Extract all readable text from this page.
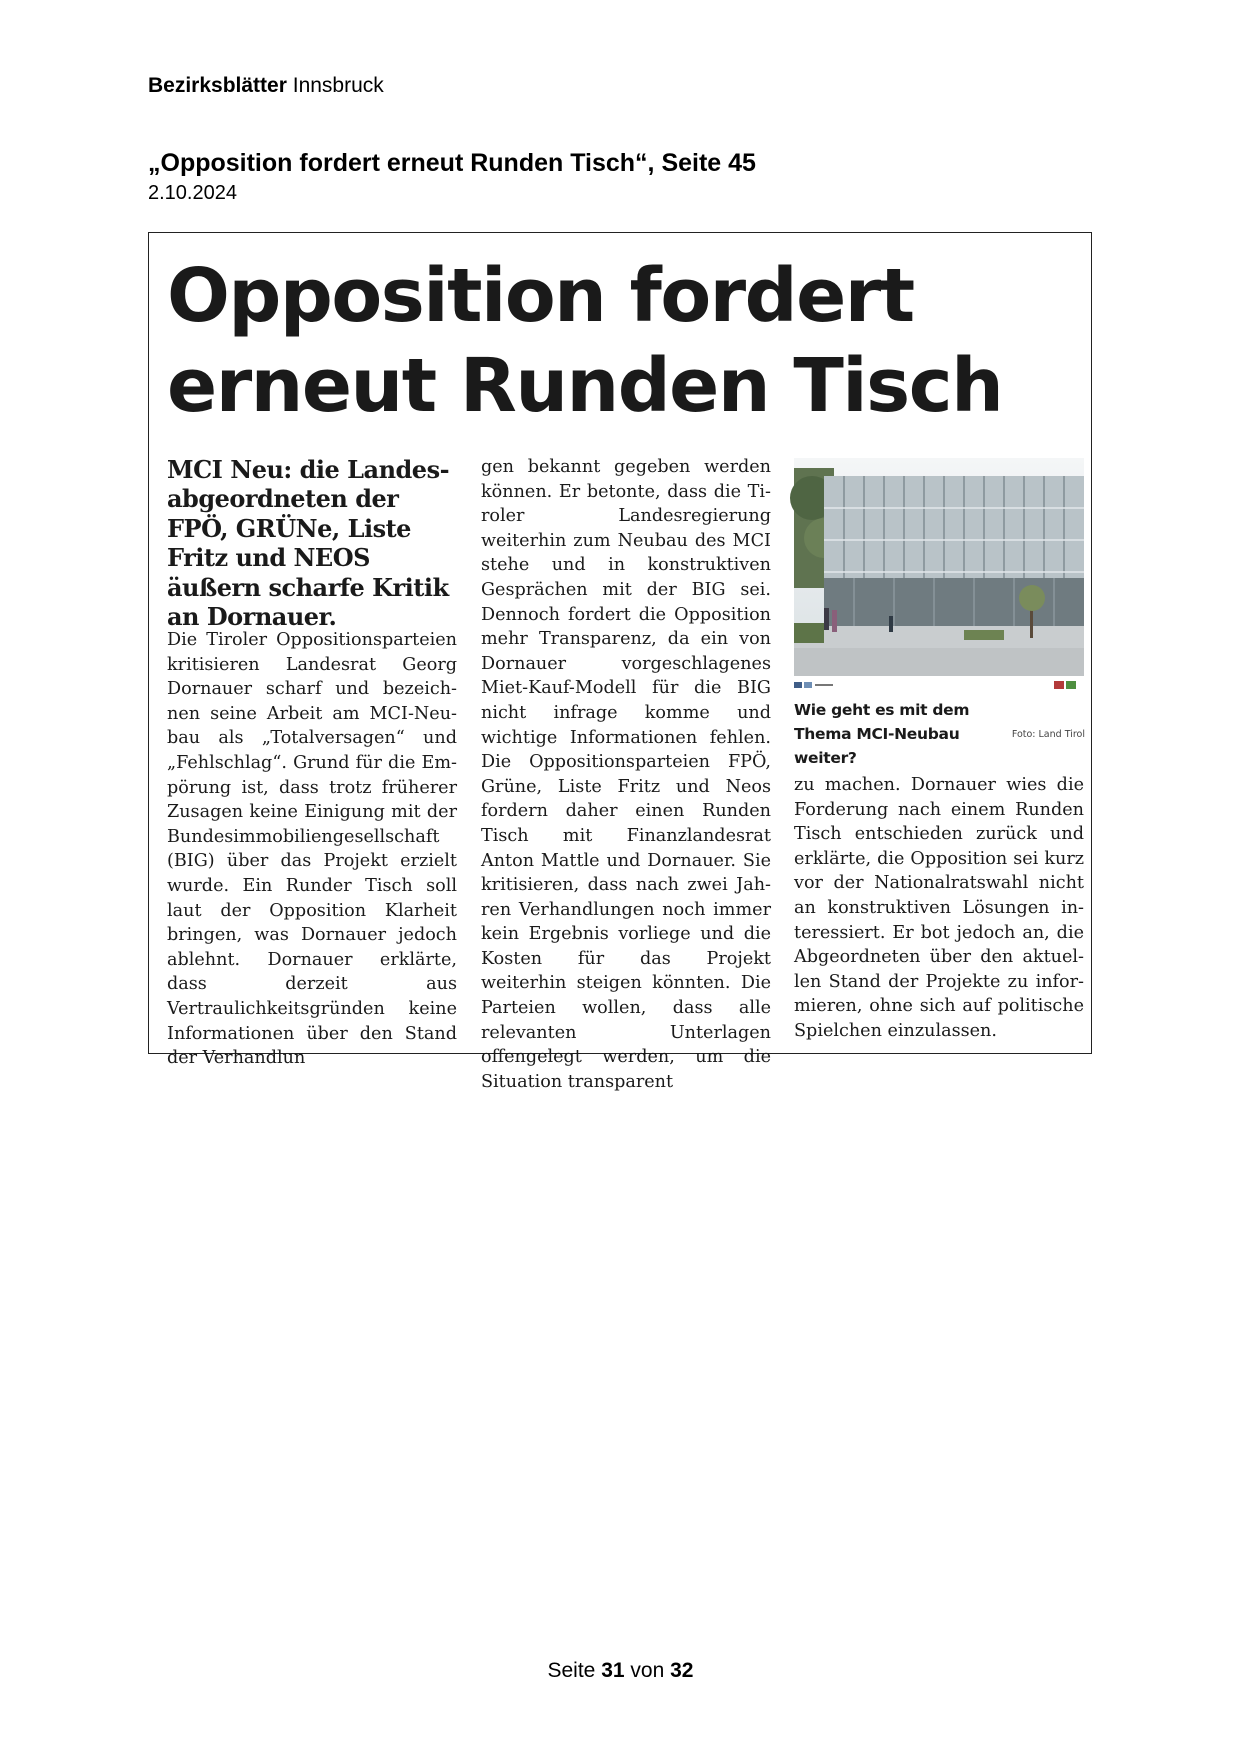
Bezirksblätter Innsbruck
„Opposition fordert erneut Runden Tisch“, Seite 45
2.10.2024
Opposition fordert erneut Runden Tisch
MCI Neu: die Landesabgeordneten der FPÖ, GRÜNe, Liste Fritz und NEOS äußern scharfe Kritik an Dornauer.
Die Tiroler Oppositionsparteien kritisieren Landesrat Georg Dornauer scharf und bezeichnen seine Arbeit am MCI-Neubau als „Totalversagen“ und „Fehlschlag“. Grund für die Empörung ist, dass trotz früherer Zusagen keine Einigung mit der Bundesimmobiliengesellschaft (BIG) über das Projekt erzielt wurde. Ein Runder Tisch soll laut der Opposition Klarheit bringen, was Dornauer jedoch ablehnt. Dornauer erklärte, dass derzeit aus Vertraulichkeitsgründen keine Informationen über den Stand der Verhandlun
gen bekannt gegeben werden können. Er betonte, dass die Tiroler Landesregierung weiterhin zum Neubau des MCI stehe und in konstruktiven Gesprächen mit der BIG sei. Dennoch fordert die Opposition mehr Transparenz, da ein von Dornauer vorgeschlagenes Miet-Kauf-Modell für die BIG nicht infrage komme und wichtige Informationen fehlen. Die Oppositionsparteien FPÖ, Grüne, Liste Fritz und Neos fordern daher einen Runden Tisch mit Finanzlandesrat Anton Mattle und Dornauer. Sie kritisieren, dass nach zwei Jahren Verhandlungen noch immer kein Ergebnis vorliege und die Kosten für das Projekt weiterhin steigen könnten. Die Parteien wollen, dass alle relevanten Unterlagen offengelegt werden, um die Situation transparent
Wie geht es mit dem Thema MCI-Neubau weiter?
Foto: Land Tirol
zu machen. Dornauer wies die Forderung nach einem Runden Tisch entschieden zurück und erklärte, die Opposition sei kurz vor der Nationalratswahl nicht an konstruktiven Lösungen interessiert. Er bot jedoch an, die Abgeordneten über den aktuellen Stand der Projekte zu informieren, ohne sich auf politische Spielchen einzulassen.
Seite 31 von 32
